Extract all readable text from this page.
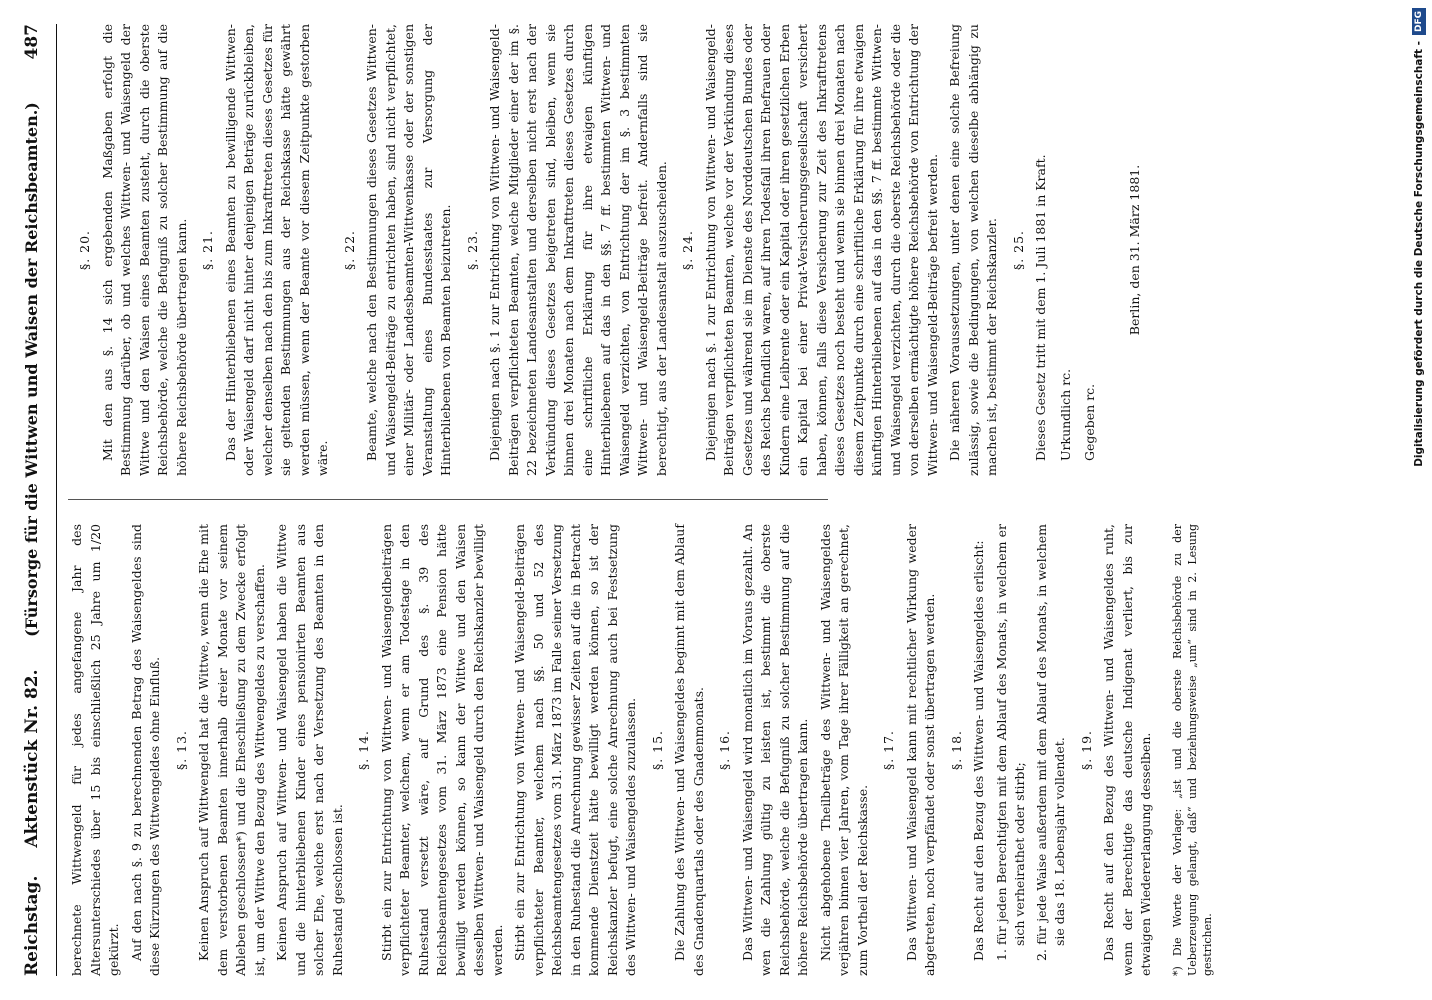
Reichstag.
Aktenstück Nr. 82.
(Fürsorge für die Wittwen und Waisen der Reichsbeamten.)
487

berechnete Wittwengeld für jedes angefangene Jahr des Altersunterschiedes über 15 bis einschließlich 25 Jahre um 1/20 gekürzt. Auf den nach §. 9 zu berechnenden Betrag des Waisengeldes sind diese Kürzungen des Wittwengeldes ohne Einfluß. §. 13. Keinen Anspruch auf Wittwengeld hat die Wittwe, wenn die Ehe mit dem verstorbenen Beamten innerhalb dreier Monate vor seinem Ableben geschlossen*) und die Eheschließung zu dem Zwecke erfolgt ist, um der Wittwe den Bezug des Wittwengeldes zu verschaffen. Keinen Anspruch auf Wittwen- und Waisengeld haben die Wittwe und die hinterbliebenen Kinder eines pensionirten Beamten aus solcher Ehe, welche erst nach der Versetzung des Beamten in den Ruhestand geschlossen ist.

§. 14. Stirbt ein zur Entrichtung von Wittwen- und Waisengeldbeiträgen verpflichteter Beamter, welchem, wenn er am Todestage in den Ruhestand versetzt wäre, auf Grund des §. 39 des Reichsbeamtengesetzes vom 31. März 1873 eine Pension hätte bewilligt werden können, so kann der Wittwe und den Waisen desselben Wittwen- und Waisengeld durch den Reichskanzler bewilligt werden. Stirbt ein zur Entrichtung von Wittwen- und Waisengeld-Beiträgen verpflichteter Beamter, welchem nach §§. 50 und 52 des Reichsbeamtengesetzes vom 31. März 1873 im Falle seiner Versetzung in den Ruhestand die Anrechnung gewisser Zeiten auf die in Betracht kommende Dienstzeit hätte bewilligt werden können, so ist der Reichskanzler befugt, eine solche Anrechnung auch bei Festsetzung des Wittwen- und Waisengeldes zuzulassen. §. 15. Die Zahlung des Wittwen- und Waisengeldes beginnt mit dem Ablauf des Gnadenquartals oder des Gnadenmonats. §. 16. Das Wittwen- und Waisengeld wird monatlich im Voraus gezahlt. An wen die Zahlung gültig zu leisten ist, bestimmt die oberste Reichsbehörde, welche die Befugniß zu solcher Bestimmung auf die höhere Reichsbehörde übertragen kann. Nicht abgehobene Theilbeträge des Wittwen- und Waisengeldes verjähren binnen vier Jahren, vom Tage ihrer Fälligkeit an gerechnet, zum Vortheil der Reichskasse.

§. 17. Das Wittwen- und Waisengeld kann mit rechtlicher Wirkung weder abgetreten, noch verpfändet oder sonst übertragen werden. §. 18. Das Recht auf den Bezug des Wittwen- und Waisengeldes erlischt: 1. für jeden Berechtigten mit dem Ablauf des Monats, in welchem er sich verheirathet oder stirbt; 2. für jede Waise außerdem mit dem Ablauf des Monats, in welchem sie das 18. Lebensjahr vollendet. §. 19. Das Recht auf den Bezug des Wittwen- und Waisengeldes ruht, wenn der Berechtigte das deutsche Indigenat verliert, bis zur etwaigen Wiedererlangung desselben. *) Die Worte der Vorlage: „ist und die oberste Reichsbehörde zu der Ueberzeugung gelangt, daß“ und beziehungsweise „um“ sind in 2. Lesung gestrichen.
§. 20. Mit den aus §. 14 sich ergebenden Maßgaben erfolgt die Bestimmung darüber, ob und welches Wittwen- und Waisengeld der Wittwe und den Waisen eines Beamten zusteht, durch die oberste Reichsbehörde, welche die Befugniß zu solcher Bestimmung auf die höhere Reichsbehörde übertragen kann. §. 21. Das der Hinterbliebenen eines Beamten zu bewilligende Wittwen- oder Waisengeld darf nicht hinter denjenigen Beträge zurückbleiben, welcher denselben nach den bis zum Inkrafttreten dieses Gesetzes für sie geltenden Bestimmungen aus der Reichskasse hätte gewährt werden müssen, wenn der Beamte vor diesem Zeitpunkte gestorben wäre.

§. 22. Beamte, welche nach den Bestimmungen dieses Gesetzes Wittwen- und Waisengeld-Beiträge zu entrichten haben, sind nicht verpflichtet, einer Militär- oder Landesbeamten-Wittwenkasse oder der sonstigen Veranstaltung eines Bundesstaates zur Versorgung der Hinterbliebenen von Beamten beizutreten. §. 23. Diejenigen nach §. 1 zur Entrichtung von Wittwen- und Waisengeld-Beiträgen verpflichteten Beamten, welche Mitglieder einer der im §. 22 bezeichneten Landesanstalten und derselben nicht erst nach der Verkündung dieses Gesetzes beigetreten sind, bleiben, wenn sie binnen drei Monaten nach dem Inkrafttreten dieses Gesetzes durch eine schriftliche Erklärung für ihre etwaigen künftigen Hinterbliebenen auf das in den §§. 7 ff. bestimmten Wittwen- und Waisengeld verzichten, von Entrichtung der im §. 3 bestimmten Wittwen- und Waisengeld-Beiträge befreit. Andernfalls sind sie berechtigt, aus der Landesanstalt auszuscheiden. §. 24. Diejenigen nach §. 1 zur Entrichtung von Wittwen- und Waisengeld-Beiträgen verpflichteten Beamten, welche vor der Verkündung dieses Gesetzes und während sie im Dienste des Norddeutschen Bundes oder des Reichs befindlich waren, auf ihren Todesfall ihren Ehefrauen oder Kindern eine Leibrente oder ein Kapital oder ihren gesetzlichen Erben ein Kapital bei einer Privat-Versicherungsgesellschaft versichert haben, können, falls diese Versicherung zur Zeit des Inkrafttretens dieses Gesetzes noch besteht und wenn sie binnen drei Monaten nach diesem Zeitpunkte durch eine schriftliche Erklärung für ihre etwaigen künftigen Hinterbliebenen auf das in den §§. 7 ff. bestimmte Wittwen- und Waisengeld verzichten, durch die oberste Reichsbehörde oder die von derselben ermächtigte höhere Reichsbehörde von Entrichtung der Wittwen- und Waisengeld-Beiträge befreit werden. Die näheren Voraussetzungen, unter denen eine solche Befreiung zulässig, sowie die Bedingungen, von welchen dieselbe abhängig zu machen ist, bestimmt der Reichskanzler. §. 25. Dieses Gesetz tritt mit dem 1. Juli 1881 in Kraft. Urkundlich rc. Gegeben rc.
Berlin, den 31. März 1881.	Digitalisierung gefördert durch die Deutsche Forschungsgemeinschaft -DFG
